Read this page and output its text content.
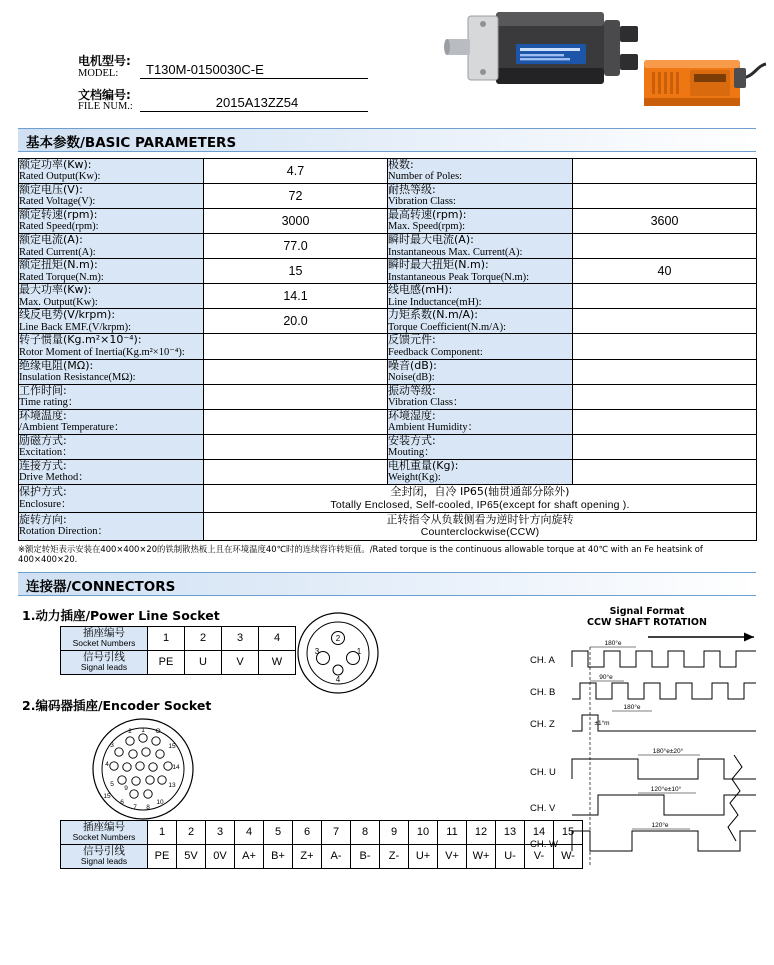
电机型号:
MODEL:	T130M-0150030C-E
文档编号:
FILE NUM.:	2015A13ZZ54
基本参数/BASIC PARAMETERS
额定功率(Kw):
Rated Output(Kw):	4.7	极数:
Number of Poles:	

额定电压(V):
Rated Voltage(V):	72	耐热等级:
Vibration Class:	

额定转速(rpm):
Rated Speed(rpm):	3000	最高转速(rpm):
Max. Speed(rpm):	3600

额定电流(A):
Rated Current(A):	77.0	瞬时最大电流(A):
Instantaneous Max. Current(A):	

额定扭矩(N.m):
Rated Torque(N.m):	15	瞬时最大扭矩(N.m):
Instantaneous Peak Torque(N.m):	40

最大功率(Kw):
Max. Output(Kw):	14.1	线电感(mH):
Line Inductance(mH):	

线反电势(V/krpm):
Line Back EMF.(V/krpm):	20.0	力矩系数(N.m/A):
Torque Coefficient(N.m/A):	

转子惯量(Kg.m²×10⁻⁴):
Rotor Moment of Inertia(Kg.m²×10⁻⁴):		反馈元件:
Feedback Component:	

绝缘电阻(MΩ):
Insulation Resistance(MΩ):		噪音(dB):
Noise(dB):	

工作时间:
Time rating：		振动等级:
Vibration Class：	

环境温度:
/Ambient Temperature：		环境湿度:
Ambient Humidity：	

励磁方式:
Excitation：		安装方式:
Mouting：	

连接方式:
Drive Method：		电机重量(Kg):
Weight(Kg):	

保护方式:
Enclosure：

全封闭，自冷 IP65(轴贯通部分除外)
Totally Enclosed, Self-cooled, IP65(except for shaft opening ).

旋转方向:
Rotation Direction：

正转指令从负载侧看为逆时针方向旋转
Counterclockwise(CCW)
※额定转矩表示安装在400×400×20的铁制散热板上且在环境温度40℃时的连续容许转矩值。/Rated torque is the continuous allowable torque at 40℃ with an Fe heatsink of 400×400×20.
连接器/CONNECTORS
1.动力插座/Power Line Socket
插座编号
Socket Numbers	1	2	3	4

信号引线
Signal leads	PE	U	V	W
2
3	1
4
2.编码器插座/Encoder Socket
2 1 O
3	15
4	14
5	13
6
7 8
10
15
9
插座编号
Socket Numbers	1	2	3	4	5	6	7	8	9	10	11	12	13	14	15

信号引线
Signal leads	PE	5V	0V	A+	B+	Z+	A-	B-	Z-	U+	V+	W+	U-	V-	W-
Signal Format
CCW SHAFT ROTATION
CH. A
CH. B
CH. Z
CH. U
CH. V
CH. W
180°e
90°e
180°e
±1°m
180°e±20°
120°e±10°
120°e
